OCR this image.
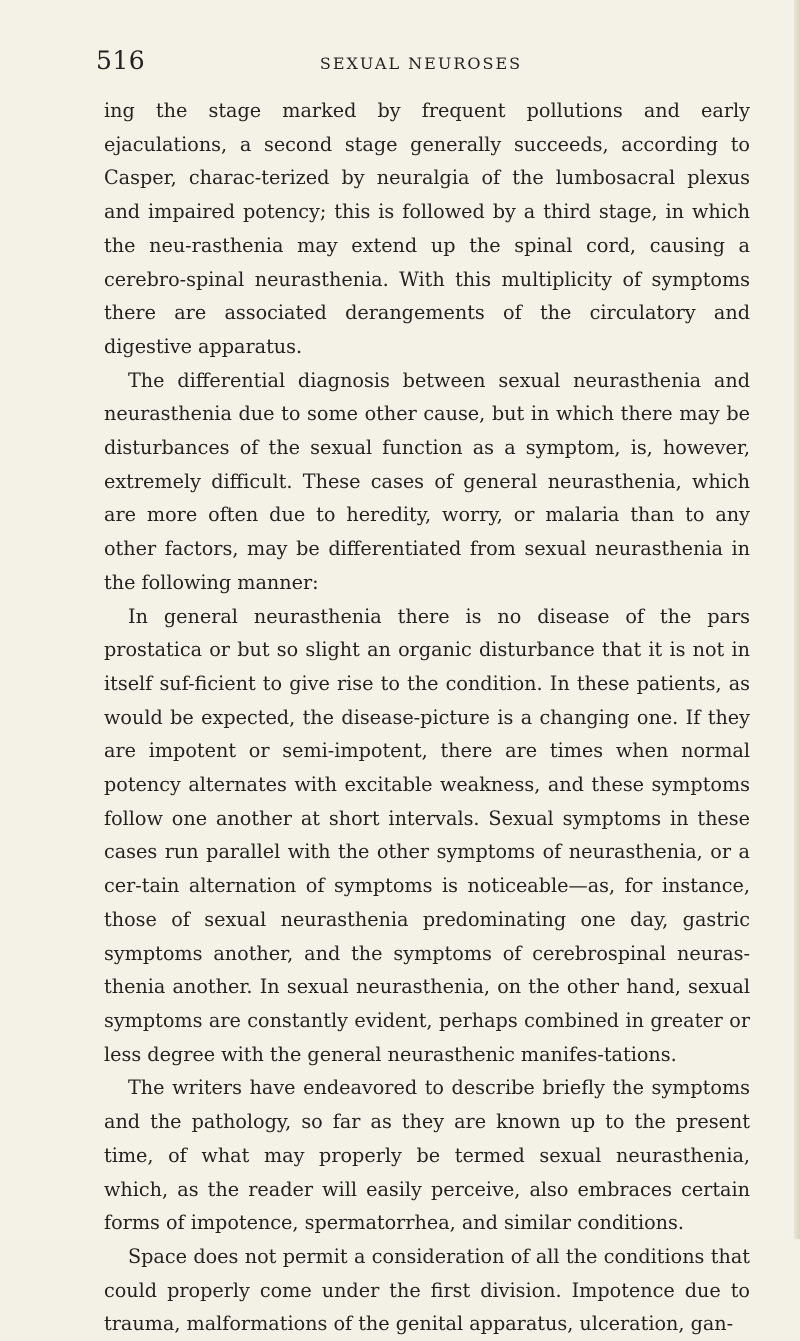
516	SEXUAL NEUROSES

ing the stage marked by frequent pollutions and early ejaculations, a second stage generally succeeds, according to Casper, charac-terized by neuralgia of the lumbosacral plexus and impaired potency; this is followed by a third stage, in which the neu-rasthenia may extend up the spinal cord, causing a cerebro-spinal neurasthenia. With this multiplicity of symptoms there are associated derangements of the circulatory and digestive apparatus.

The differential diagnosis between sexual neurasthenia and neurasthenia due to some other cause, but in which there may be disturbances of the sexual function as a symptom, is, however, extremely difficult. These cases of general neurasthenia, which are more often due to heredity, worry, or malaria than to any other factors, may be differentiated from sexual neurasthenia in the following manner:

In general neurasthenia there is no disease of the pars prostatica or but so slight an organic disturbance that it is not in itself suf-ficient to give rise to the condition. In these patients, as would be expected, the disease-picture is a changing one. If they are impotent or semi-impotent, there are times when normal potency alternates with excitable weakness, and these symptoms follow one another at short intervals. Sexual symptoms in these cases run parallel with the other symptoms of neurasthenia, or a cer-tain alternation of symptoms is noticeable—as, for instance, those of sexual neurasthenia predominating one day, gastric symptoms another, and the symptoms of cerebrospinal neuras-thenia another. In sexual neurasthenia, on the other hand, sexual symptoms are constantly evident, perhaps combined in greater or less degree with the general neurasthenic manifes-tations.

The writers have endeavored to describe briefly the symptoms and the pathology, so far as they are known up to the present time, of what may properly be termed sexual neurasthenia, which, as the reader will easily perceive, also embraces certain forms of impotence, spermatorrhea, and similar conditions.

Space does not permit a consideration of all the conditions that could properly come under the first division. Impotence due to trauma, malformations of the genital apparatus, ulceration, gan-
